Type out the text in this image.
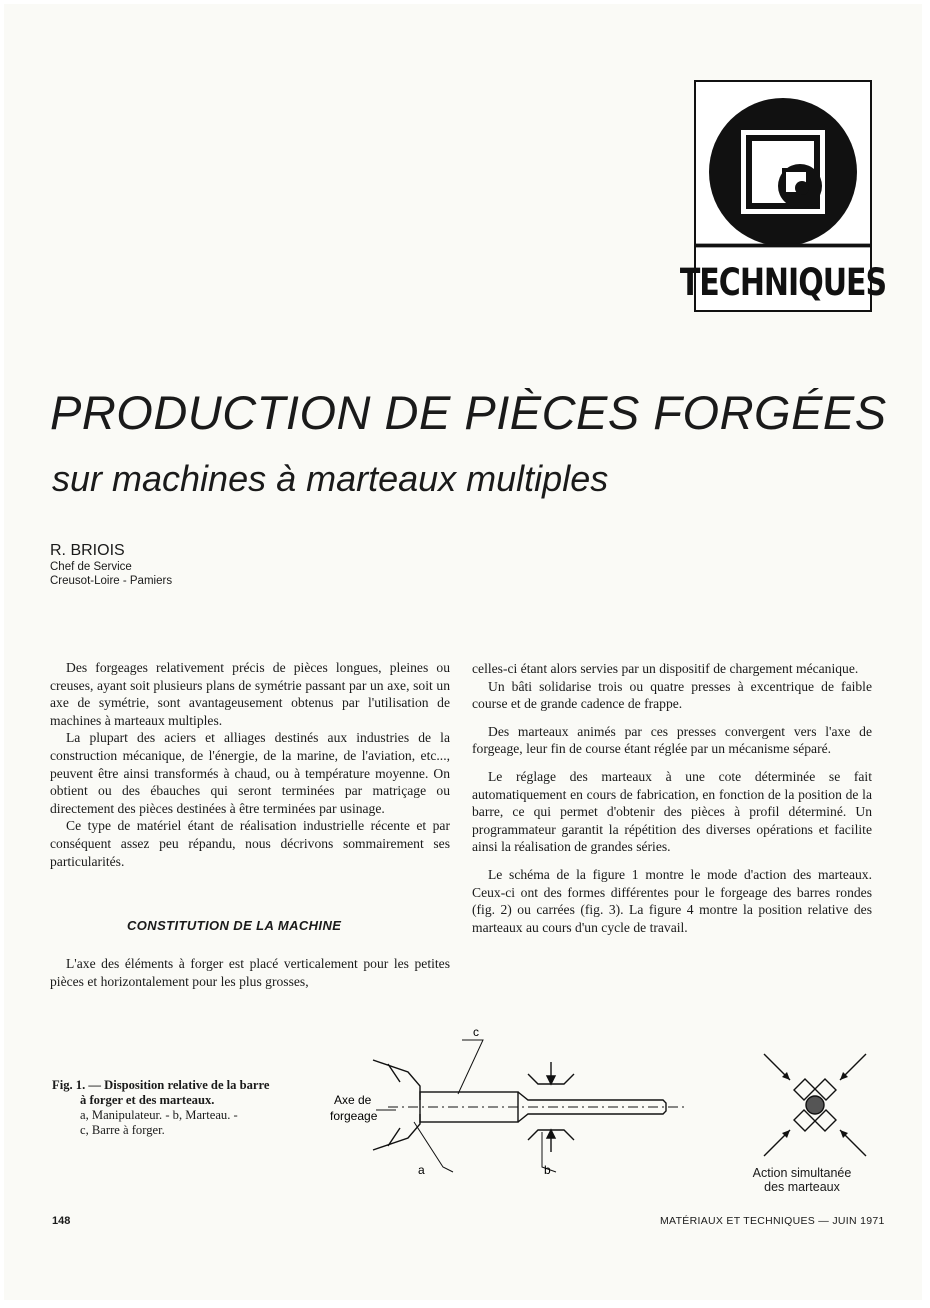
TECHNIQUES
PRODUCTION DE PIÈCES FORGÉES
sur machines à marteaux multiples
R. BRIOIS
Chef de Service
Creusot-Loire - Pamiers

Des forgeages relativement précis de pièces longues, pleines ou creuses, ayant soit plusieurs plans de symétrie passant par un axe, soit un axe de symétrie, sont avantageusement obtenus par l'utilisation de machines à marteaux multiples.

La plupart des aciers et alliages destinés aux industries de la construction mécanique, de l'énergie, de la marine, de l'aviation, etc..., peuvent être ainsi transformés à chaud, ou à température moyenne. On obtient ou des ébauches qui seront terminées par matriçage ou directement des pièces destinées à être terminées par usinage.

Ce type de matériel étant de réalisation industrielle récente et par conséquent assez peu répandu, nous décrivons sommairement ses particularités.

CONSTITUTION DE LA MACHINE

L'axe des éléments à forger est placé verticalement pour les petites pièces et horizontalement pour les plus grosses,

celles-ci étant alors servies par un dispositif de chargement mécanique.

Un bâti solidarise trois ou quatre presses à excentrique de faible course et de grande cadence de frappe.

Des marteaux animés par ces presses convergent vers l'axe de forgeage, leur fin de course étant réglée par un mécanisme séparé.

Le réglage des marteaux à une cote déterminée se fait automatiquement en cours de fabrication, en fonction de la position de la barre, ce qui permet d'obtenir des pièces à profil déterminé. Un programmateur garantit la répétition des diverses opérations et facilite ainsi la réalisation de grandes séries.

Le schéma de la figure 1 montre le mode d'action des marteaux. Ceux-ci ont des formes différentes pour le forgeage des barres rondes (fig. 2) ou carrées (fig. 3). La figure 4 montre la position relative des marteaux au cours d'un cycle de travail.

Fig. 1. — Disposition relative de la barre
à forger et des marteaux.
a, Manipulateur. - b, Marteau. -
c, Barre à forger.
c
a	b
Axe de
forgeage
Action simultanée
des marteaux
148	MATÉRIAUX ET TECHNIQUES — JUIN 1971
